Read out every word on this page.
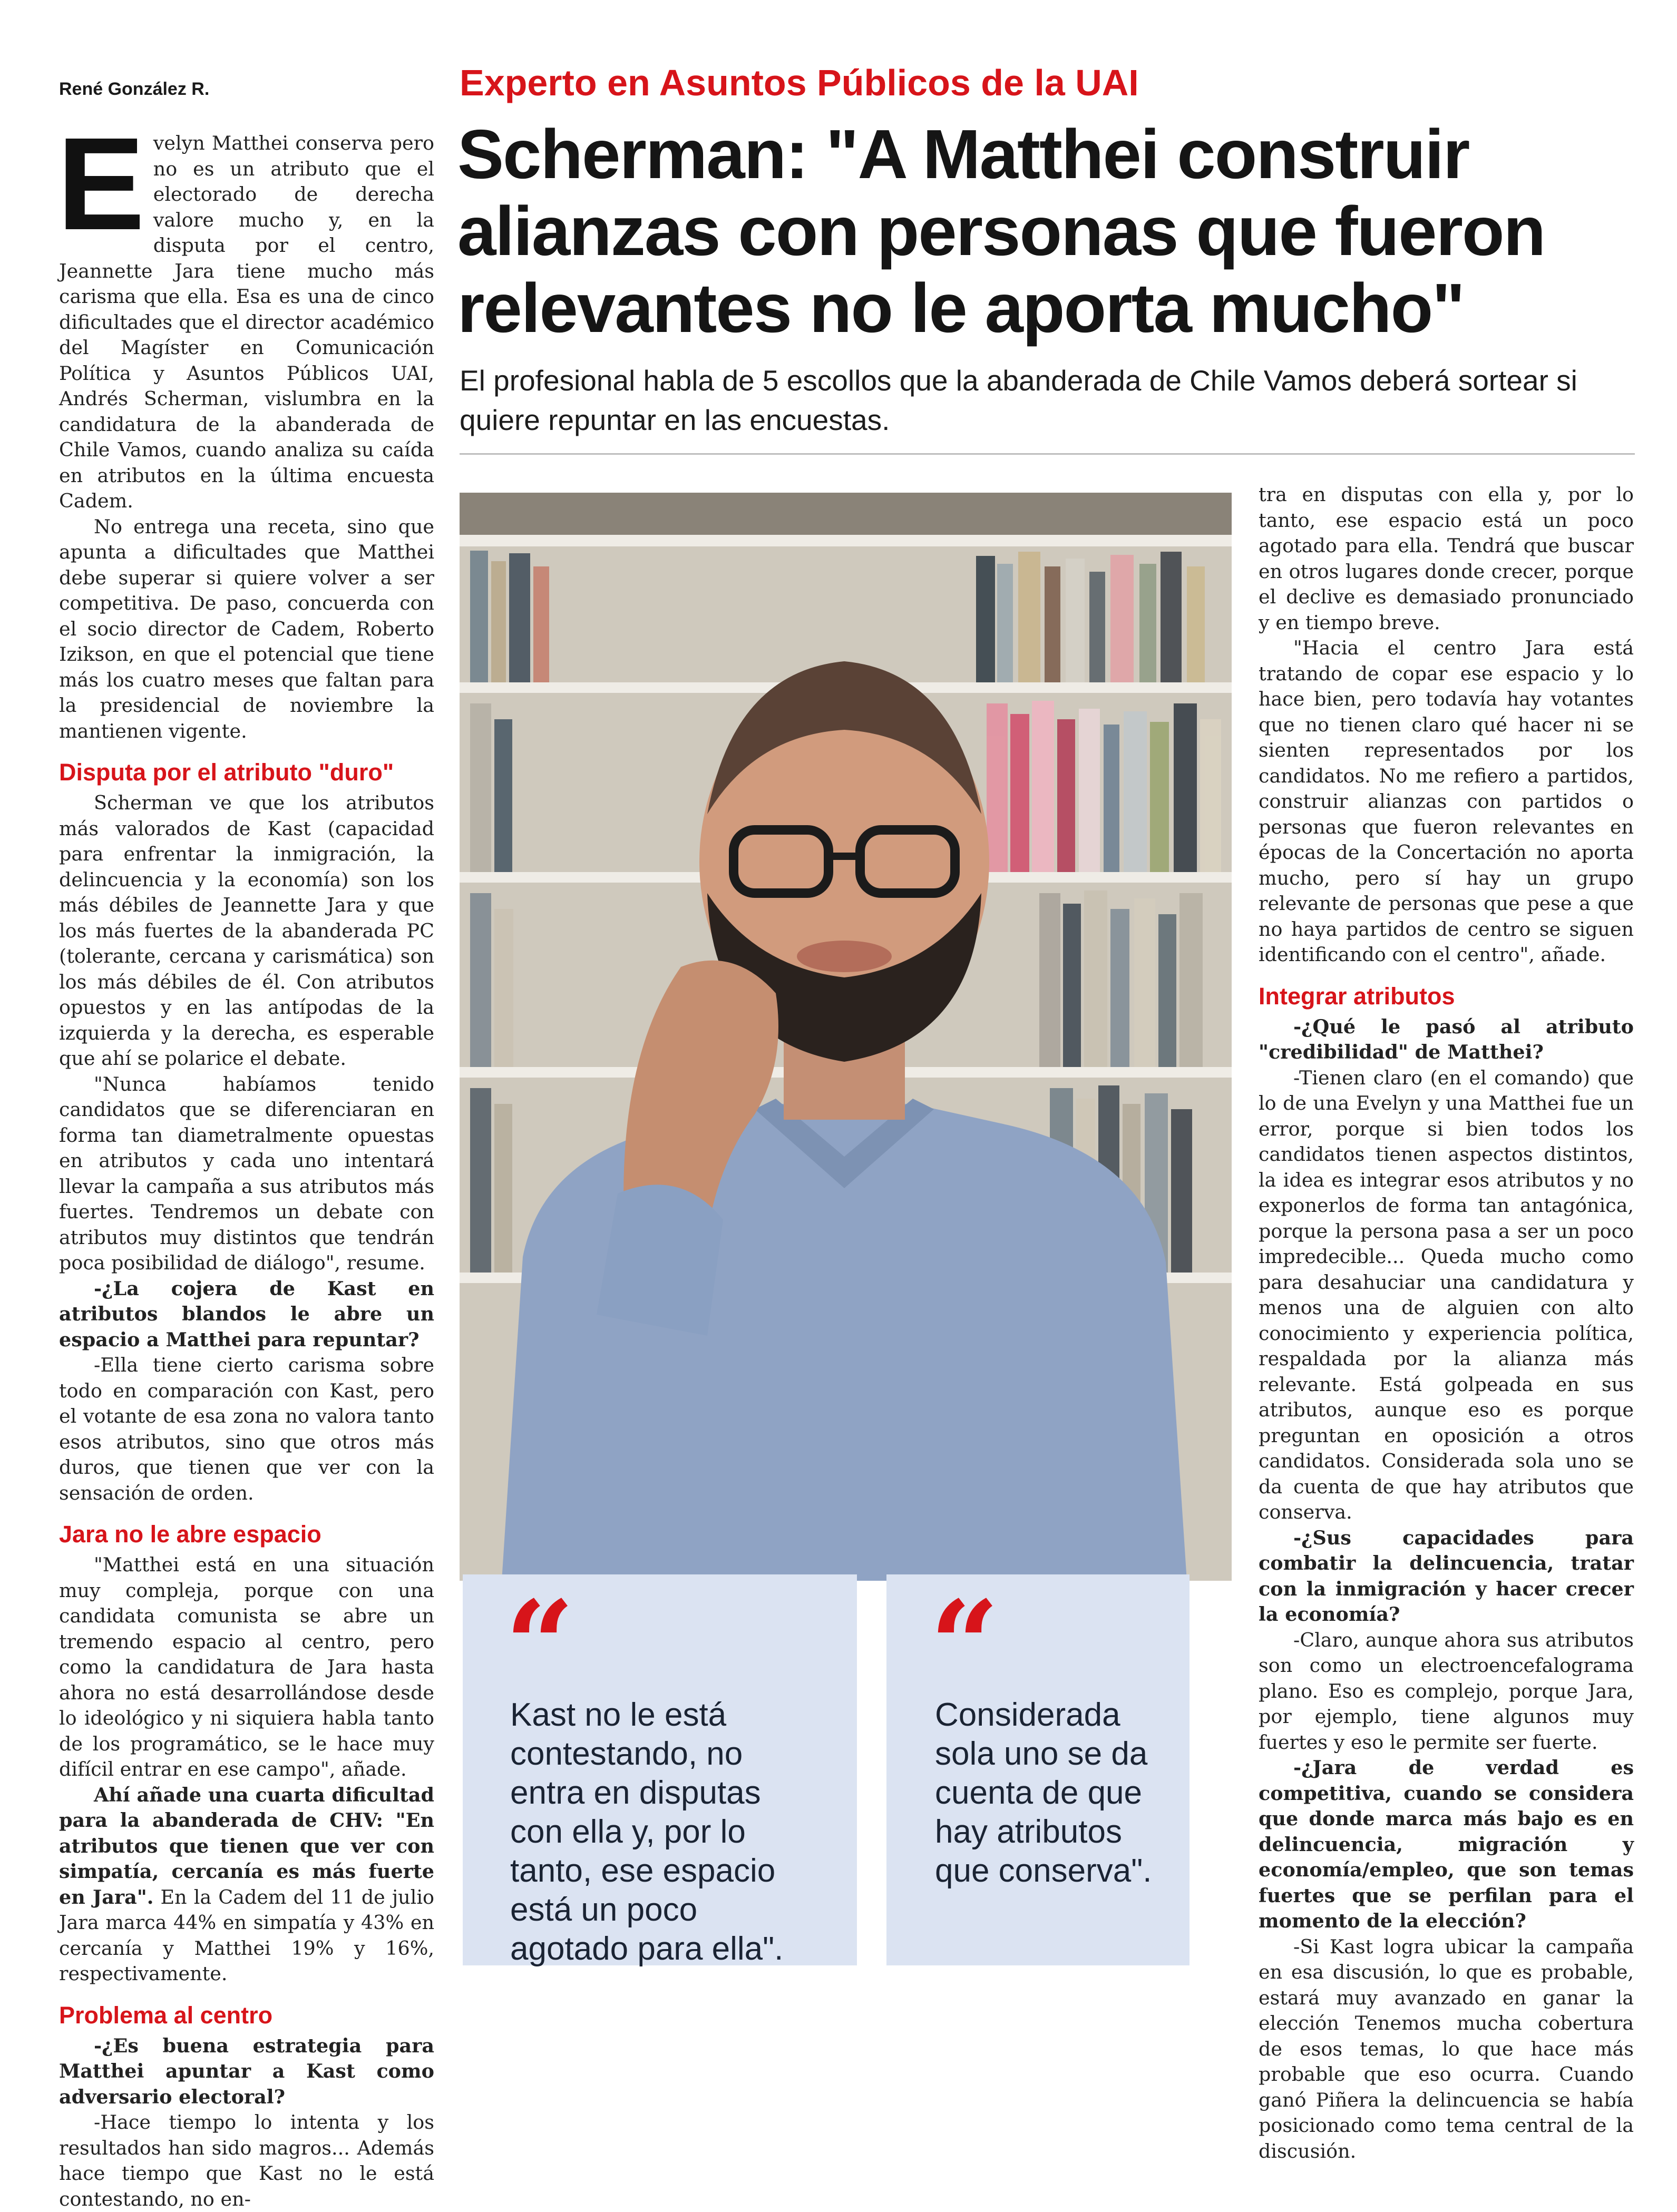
René González R.	Experto en Asuntos Públicos de la UAI
Scherman: "A Matthei construir alianzas con personas que fueron relevantes no le aporta mucho"
El profesional habla de 5 escollos que la abanderada de Chile Vamos deberá sortear si quiere repuntar en las encuestas.

Evelyn Matthei conserva pero no es un atributo que el electorado de derecha valore mucho y, en la disputa por el centro, Jeannette Jara tiene mucho más carisma que ella. Esa es una de cinco dificultades que el director académico del Magíster en Comunicación Política y Asuntos Públicos UAI, Andrés Scherman, vislumbra en la candidatura de la abanderada de Chile Vamos, cuando analiza su caída en atributos en la última encuesta Cadem.

No entrega una receta, sino que apunta a dificultades que Matthei debe superar si quiere volver a ser competitiva. De paso, concuerda con el socio director de Cadem, Roberto Izikson, en que el potencial que tiene más los cuatro meses que faltan para la presidencial de noviembre la mantienen vigente.

Disputa por el atributo "duro"

Scherman ve que los atributos más valorados de Kast (capacidad para enfrentar la inmigración, la delincuencia y la economía) son los más débiles de Jeannette Jara y que los más fuertes de la abanderada PC (tolerante, cercana y carismática) son los más débiles de él. Con atributos opuestos y en las antípodas de la izquierda y la derecha, es esperable que ahí se polarice el debate.

"Nunca habíamos tenido candidatos que se diferenciaran en forma tan diametralmente opuestas en atributos y cada uno intentará llevar la campaña a sus atributos más fuertes. Tendremos un debate con atributos muy distintos que tendrán poca posibilidad de diálogo", resume.

-¿La cojera de Kast en atributos blandos le abre un espacio a Matthei para repuntar?

-Ella tiene cierto carisma sobre todo en comparación con Kast, pero el votante de esa zona no valora tanto esos atributos, sino que otros más duros, que tienen que ver con la sensación de orden.

Jara no le abre espacio

"Matthei está en una situación muy compleja, porque con una candidata comunista se abre un tremendo espacio al centro, pero como la candidatura de Jara hasta ahora no está desarrollándose desde lo ideológico y ni siquiera habla tanto de los programático, se le hace muy difícil entrar en ese campo", añade.

Ahí añade una cuarta dificultad para la abanderada de CHV: "En atributos que tienen que ver con simpatía, cercanía es más fuerte en Jara". En la Cadem del 11 de julio Jara marca 44% en simpatía y 43% en cercanía y Matthei 19% y 16%, respectivamente.

Problema al centro

-¿Es buena estrategia para Matthei apuntar a Kast como adversario electoral?

-Hace tiempo lo intenta y los resultados han sido magros... Además hace tiempo que Kast no le está contestando, no en-

tra en disputas con ella y, por lo tanto, ese espacio está un poco agotado para ella. Tendrá que buscar en otros lugares donde crecer, porque el declive es demasiado pronunciado y en tiempo breve.

"Hacia el centro Jara está tratando de copar ese espacio y lo hace bien, pero todavía hay votantes que no tienen claro qué hacer ni se sienten representados por los candidatos. No me refiero a partidos, construir alianzas con partidos o personas que fueron relevantes en épocas de la Concertación no aporta mucho, pero sí hay un grupo relevante de personas que pese a que no haya partidos de centro se siguen identificando con el centro", añade.

Integrar atributos

-¿Qué le pasó al atributo "credibilidad" de Matthei?

-Tienen claro (en el comando) que lo de una Evelyn y una Matthei fue un error, porque si bien todos los candidatos tienen aspectos distintos, la idea es integrar esos atributos y no exponerlos de forma tan antagónica, porque la persona pasa a ser un poco impredecible... Queda mucho como para desahuciar una candidatura y menos una de alguien con alto conocimiento y experiencia política, respaldada por la alianza más relevante. Está golpeada en sus atributos, aunque eso es porque preguntan en oposición a otros candidatos. Considerada sola uno se da cuenta de que hay atributos que conserva.

-¿Sus capacidades para combatir la delincuencia, tratar con la inmigración y hacer crecer la economía?

-Claro, aunque ahora sus atributos son como un electroencefalograma plano. Eso es complejo, porque Jara, por ejemplo, tiene algunos muy fuertes y eso le permite ser fuerte.

-¿Jara de verdad es competitiva, cuando se considera que donde marca más bajo es en delincuencia, migración y economía/empleo, que son temas fuertes que se perfilan para el momento de la elección?

-Si Kast logra ubicar la campaña en esa discusión, lo que es probable, estará muy avanzado en ganar la elección Tenemos mucha cobertura de esos temas, lo que hace más probable que eso ocurra. Cuando ganó Piñera la delincuencia se había posicionado como tema central de la discusión.

“
Kast no le está contestando, no entra en disputas con ella y, por lo tanto, ese espacio está un poco agotado para ella".
“
Considerada sola uno se da cuenta de que hay atributos que conserva".
